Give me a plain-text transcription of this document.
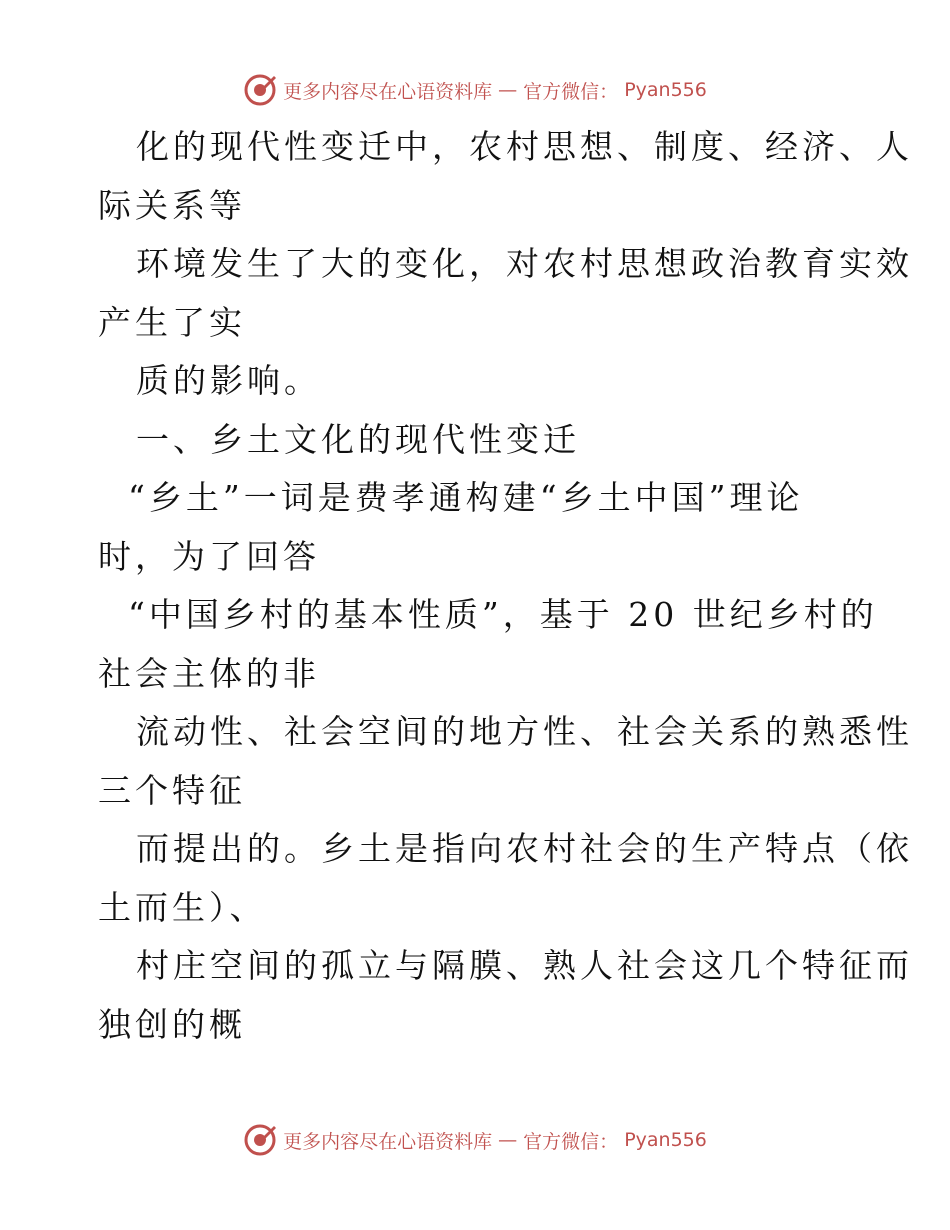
更多内容尽在心语资料库 — 官方微信： Pyan556
化的现代性变迁中，农村思想、制度、经济、人
际关系等
环境发生了大的变化，对农村思想政治教育实效
产生了实
质的影响。
一、乡土文化的现代性变迁
“乡土”一词是费孝通构建“乡土中国”理论
时，为了回答
“中国乡村的基本性质”，基于 20 世纪乡村的
社会主体的非
流动性、社会空间的地方性、社会关系的熟悉性
三个特征
而提出的。乡土是指向农村社会的生产特点（依
土而生）、
村庄空间的孤立与隔膜、熟人社会这几个特征而
独创的概
更多内容尽在心语资料库 — 官方微信： Pyan556
